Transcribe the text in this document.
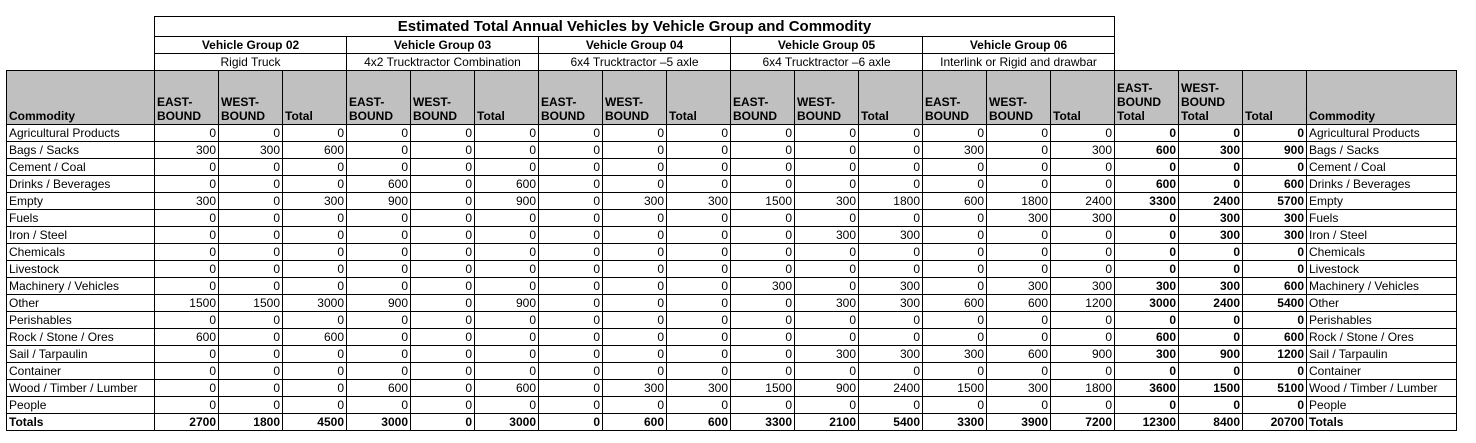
	Estimated Total Annual Vehicles by Vehicle Group and Commodity																		
	Vehicle Group 02			Vehicle Group 03			Vehicle Group 04			Vehicle Group 05			Vehicle Group 06						
	Rigid Truck			4x2 Trucktractor Combination			6x4 Trucktractor –5 axle			6x4 Trucktractor –6 axle			Interlink or Rigid and drawbar						
Commodity	EAST-BOUND	WEST-BOUND	Total	EAST-BOUND	WEST-BOUND	Total	EAST-BOUND	WEST-BOUND	Total	EAST-BOUND	WEST-BOUND	Total	EAST-BOUND	WEST-BOUND	Total	EAST-BOUND Total	WEST-BOUND Total	Total	Commodity
Agricultural Products	0	0	0	0	0	0	0	0	0	0	0	0	0	0	0	0	0	0	Agricultural Products
Bags / Sacks	300	300	600	0	0	0	0	0	0	0	0	0	300	0	300	600	300	900	Bags / Sacks
Cement / Coal	0	0	0	0	0	0	0	0	0	0	0	0	0	0	0	0	0	0	Cement / Coal
Drinks / Beverages	0	0	0	600	0	600	0	0	0	0	0	0	0	0	0	600	0	600	Drinks / Beverages
Empty	300	0	300	900	0	900	0	300	300	1500	300	1800	600	1800	2400	3300	2400	5700	Empty
Fuels	0	0	0	0	0	0	0	0	0	0	0	0	0	300	300	0	300	300	Fuels
Iron / Steel	0	0	0	0	0	0	0	0	0	0	300	300	0	0	0	0	300	300	Iron / Steel
Chemicals	0	0	0	0	0	0	0	0	0	0	0	0	0	0	0	0	0	0	Chemicals
Livestock	0	0	0	0	0	0	0	0	0	0	0	0	0	0	0	0	0	0	Livestock
Machinery / Vehicles	0	0	0	0	0	0	0	0	0	300	0	300	0	300	300	300	300	600	Machinery / Vehicles
Other	1500	1500	3000	900	0	900	0	0	0	0	300	300	600	600	1200	3000	2400	5400	Other
Perishables	0	0	0	0	0	0	0	0	0	0	0	0	0	0	0	0	0	0	Perishables
Rock / Stone / Ores	600	0	600	0	0	0	0	0	0	0	0	0	0	0	0	600	0	600	Rock / Stone / Ores
Sail / Tarpaulin	0	0	0	0	0	0	0	0	0	0	300	300	300	600	900	300	900	1200	Sail / Tarpaulin
Container	0	0	0	0	0	0	0	0	0	0	0	0	0	0	0	0	0	0	Container
Wood / Timber / Lumber	0	0	0	600	0	600	0	300	300	1500	900	2400	1500	300	1800	3600	1500	5100	Wood / Timber / Lumber
People	0	0	0	0	0	0	0	0	0	0	0	0	0	0	0	0	0	0	People
Totals	2700	1800	4500	3000	0	3000	0	600	600	3300	2100	5400	3300	3900	7200	12300	8400	20700	Totals
